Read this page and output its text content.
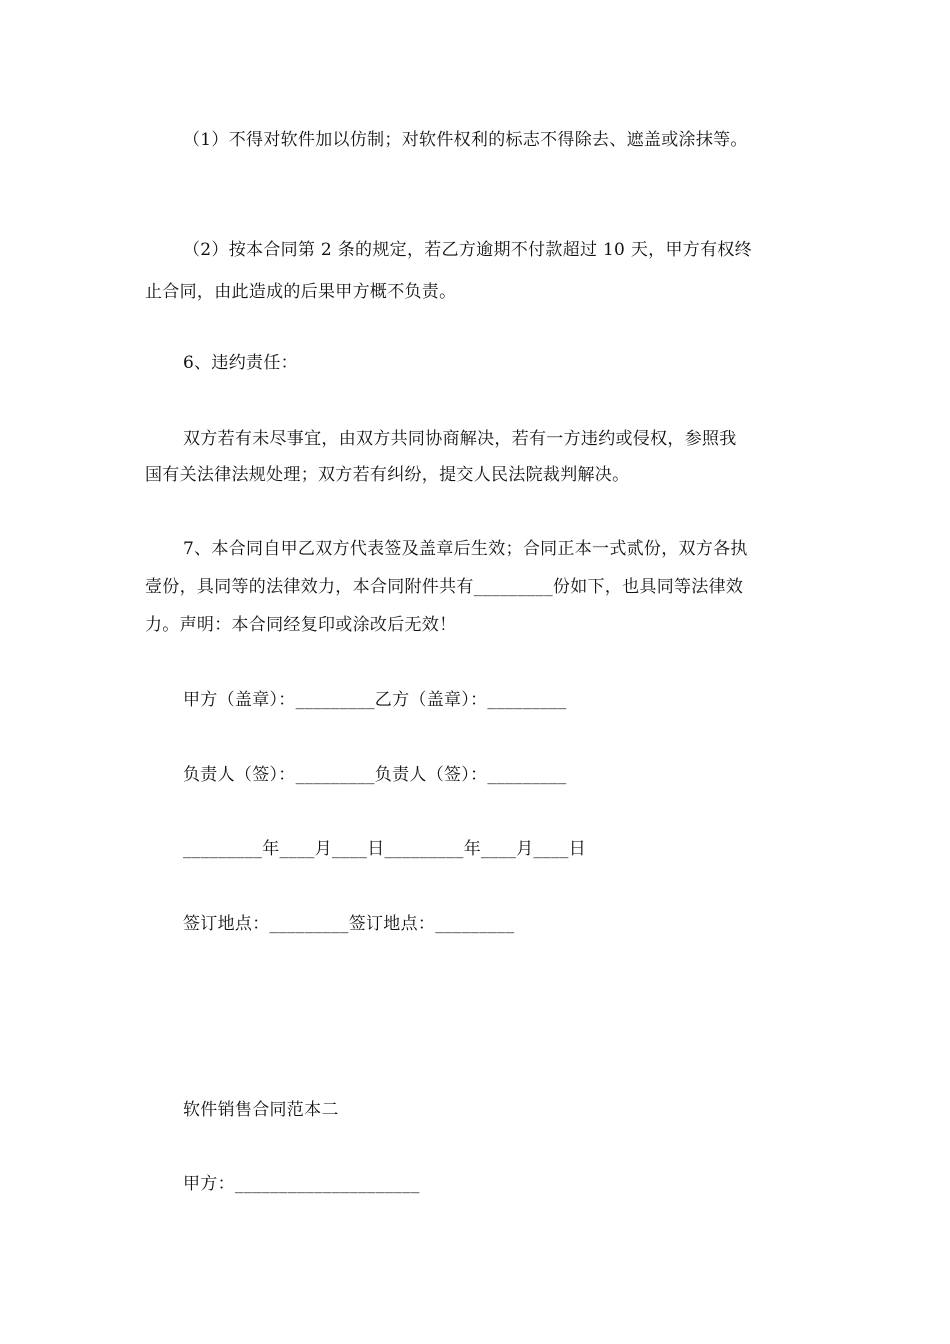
（1）不得对软件加以仿制；对软件权利的标志不得除去、遮盖或涂抹等。
（2）按本合同第 2 条的规定，若乙方逾期不付款超过 10 天，甲方有权终
止合同，由此造成的后果甲方概不负责。
6、违约责任：
双方若有未尽事宜，由双方共同协商解决，若有一方违约或侵权，参照我
国有关法律法规处理；双方若有纠纷，提交人民法院裁判解决。
7、本合同自甲乙双方代表签及盖章后生效；合同正本一式贰份，双方各执
壹份，具同等的法律效力，本合同附件共有_________份如下，也具同等法律效
力。声明：本合同经复印或涂改后无效！
甲方（盖章）：_________乙方（盖章）：_________
负责人（签）：_________负责人（签）：_________
_________年____月____日_________年____月____日
签订地点：_________签订地点：_________
软件销售合同范本二
甲方：_____________________
